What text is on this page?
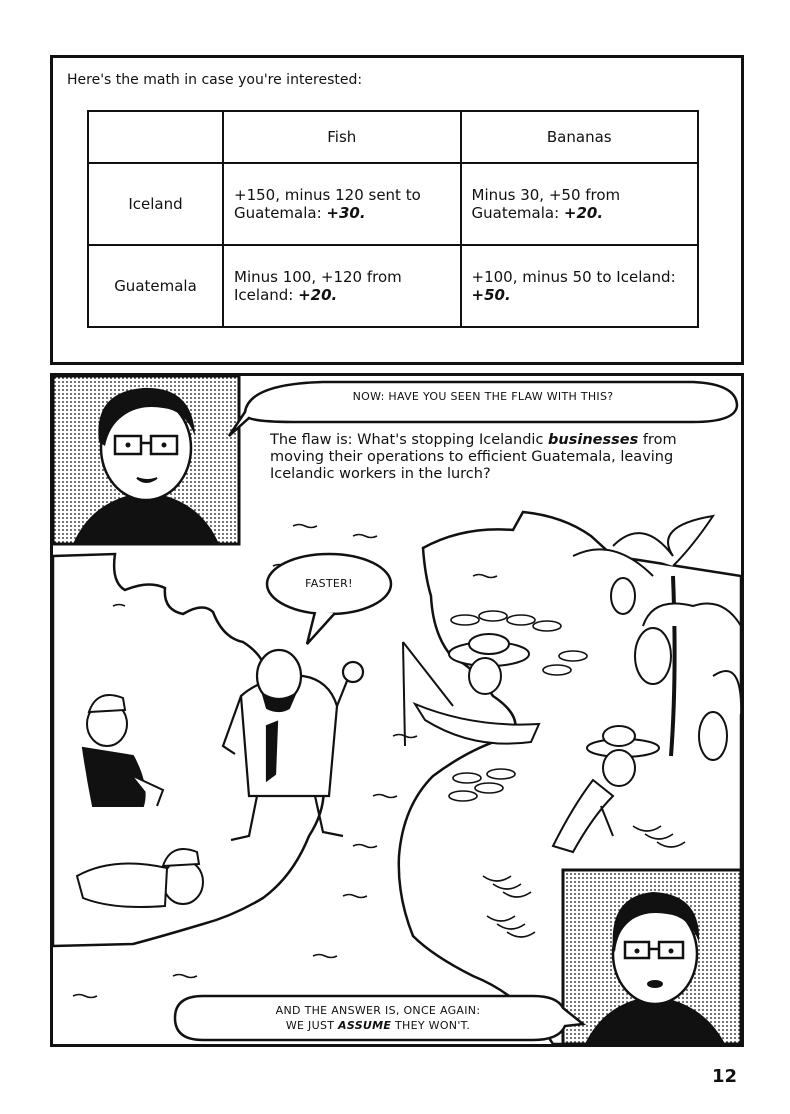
Here's the math in case you're interested:
	Fish	Bananas
Iceland	+150, minus 120 sent to Guatemala: +30.	Minus 30, +50 from Guatemala: +20.
Guatemala	Minus 100, +120 from Iceland: +20.	+100, minus 50 to Iceland: +50.
NOW: HAVE YOU SEEN THE FLAW WITH THIS?
The flaw is: What's stopping Icelandic businesses from moving their operations to efficient Guatemala, leaving Icelandic workers in the lurch?
FASTER!
AND THE ANSWER IS, ONCE AGAIN:
WE JUST ASSUME THEY WON'T.
12
